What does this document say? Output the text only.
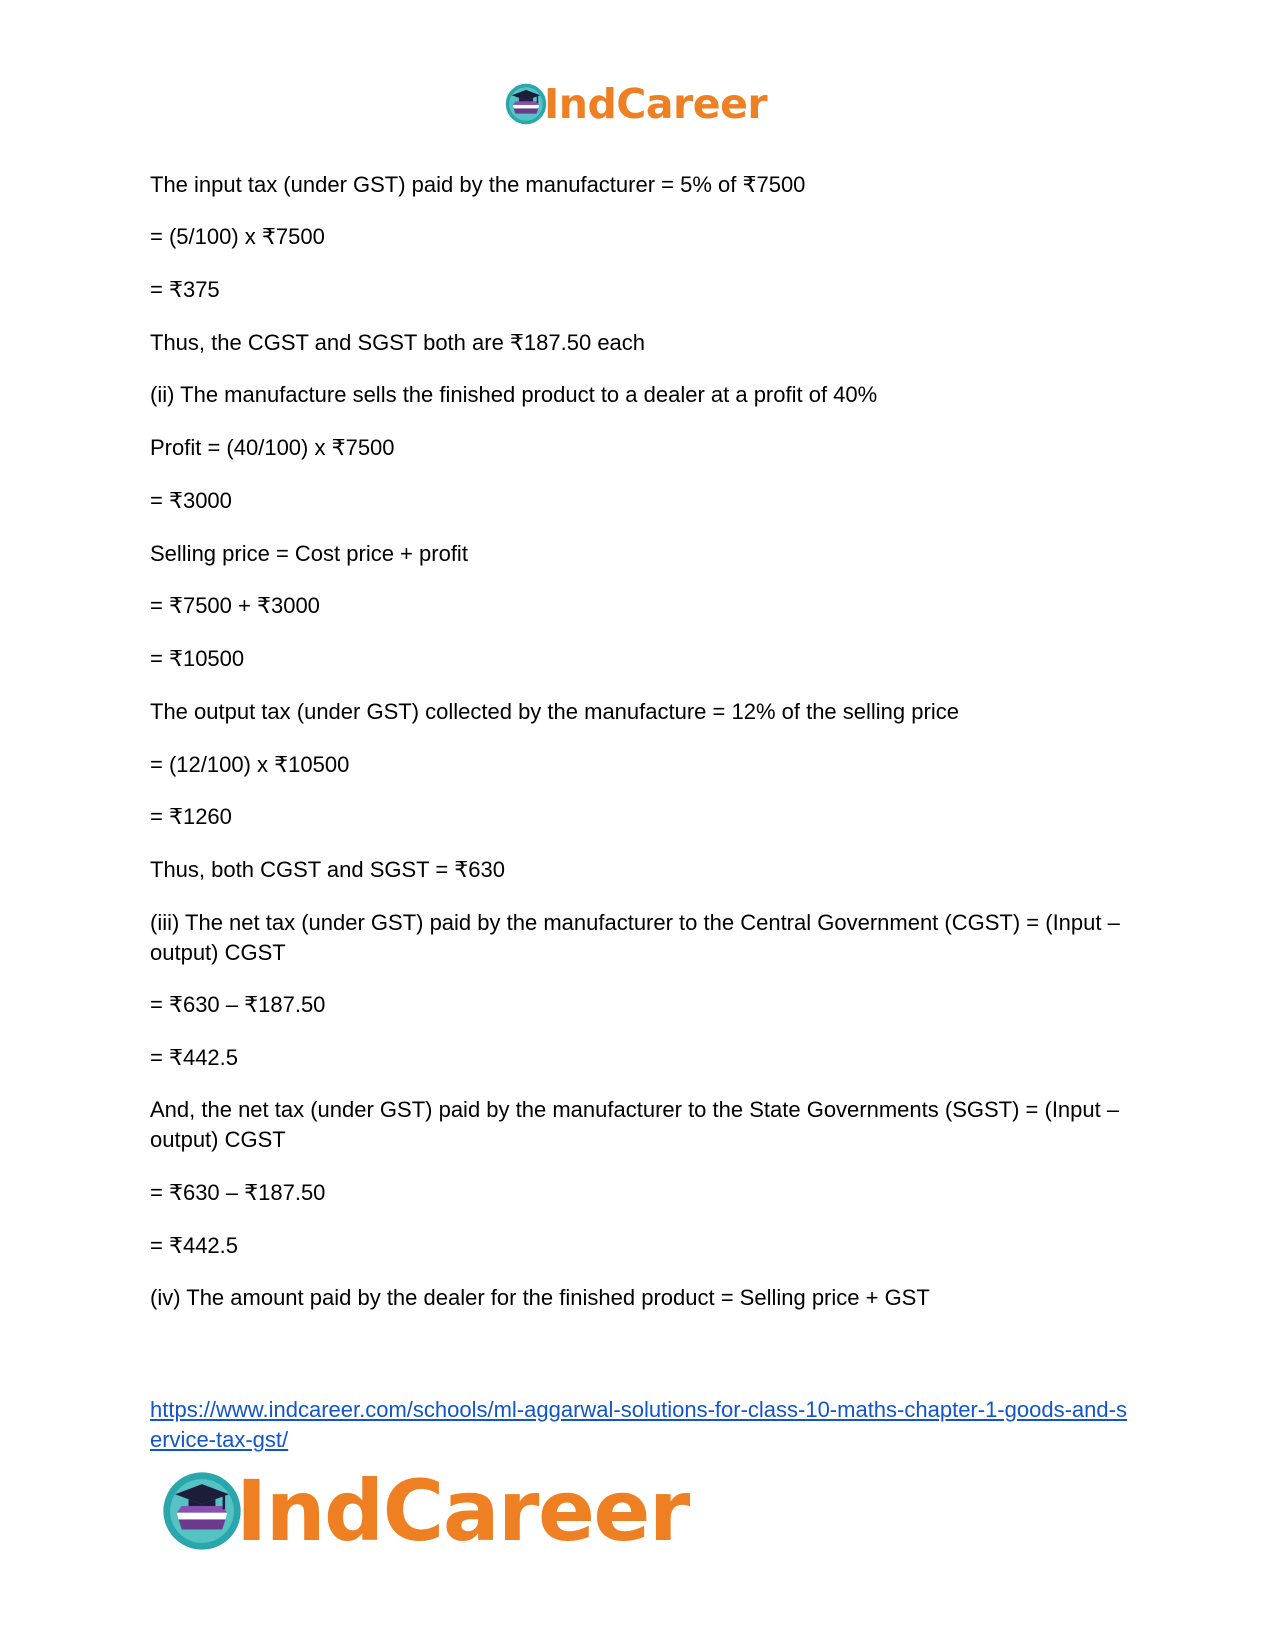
IndCareer
The input tax (under GST) paid by the manufacturer = 5% of ₹7500
= (5/100) x ₹7500
= ₹375
Thus, the CGST and SGST both are ₹187.50 each
(ii) The manufacture sells the finished product to a dealer at a profit of 40%
Profit = (40/100) x ₹7500
= ₹3000
Selling price = Cost price + profit
= ₹7500 + ₹3000
= ₹10500
The output tax (under GST) collected by the manufacture = 12% of the selling price
= (12/100) x ₹10500
= ₹1260
Thus, both CGST and SGST = ₹630
(iii) The net tax (under GST) paid by the manufacturer to the Central Government (CGST) = (Input – output) CGST
= ₹630 – ₹187.50
= ₹442.5
And, the net tax (under GST) paid by the manufacturer to the State Governments (SGST) = (Input – output) CGST
= ₹630 – ₹187.50
= ₹442.5
(iv) The amount paid by the dealer for the finished product = Selling price + GST
https://www.indcareer.com/schools/ml-aggarwal-solutions-for-class-10-maths-chapter-1-goods-and-service-tax-gst/
IndCareer
